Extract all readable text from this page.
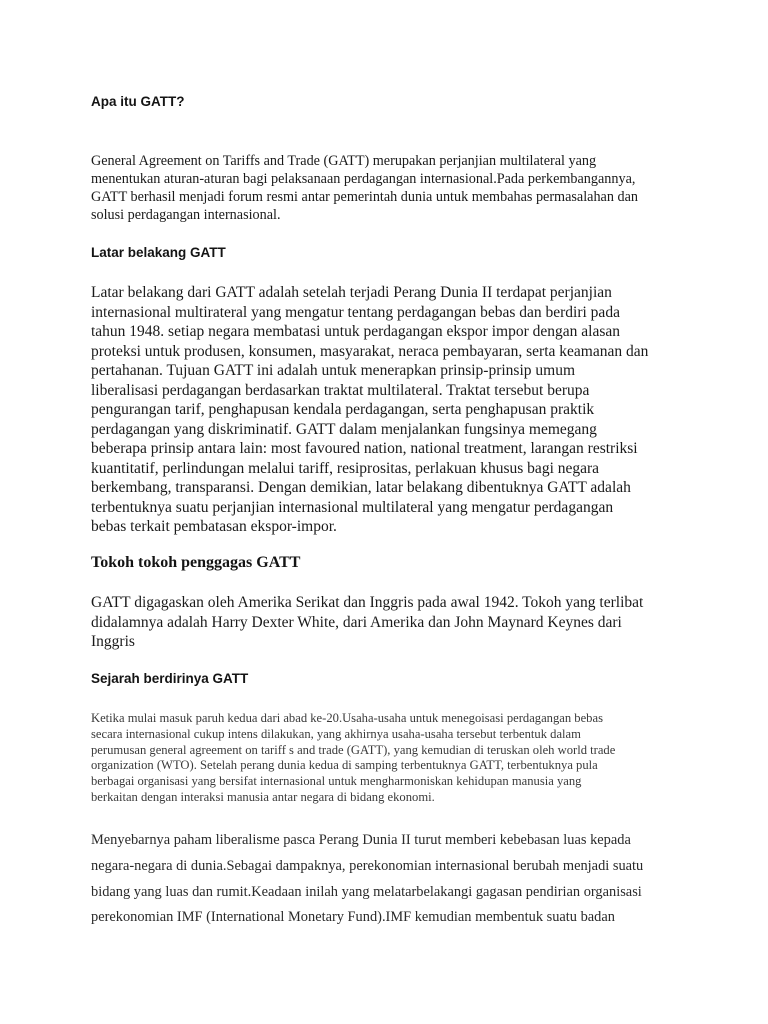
Apa itu GATT?
General Agreement on Tariffs and Trade (GATT) merupakan perjanjian multilateral yang
menentukan aturan-aturan bagi pelaksanaan perdagangan internasional.Pada perkembangannya,
GATT berhasil menjadi forum resmi antar pemerintah dunia untuk membahas permasalahan dan
solusi perdagangan internasional.
Latar belakang GATT
Latar belakang dari GATT adalah setelah terjadi Perang Dunia II terdapat perjanjian
internasional multirateral yang mengatur tentang perdagangan bebas dan berdiri pada
tahun 1948. setiap negara membatasi untuk perdagangan ekspor impor dengan alasan
proteksi untuk produsen, konsumen, masyarakat, neraca pembayaran, serta keamanan dan
pertahanan. Tujuan GATT ini adalah untuk menerapkan prinsip-prinsip umum
liberalisasi perdagangan berdasarkan traktat multilateral. Traktat tersebut berupa
pengurangan tarif, penghapusan kendala perdagangan, serta penghapusan praktik
perdagangan yang diskriminatif. GATT dalam menjalankan fungsinya memegang
beberapa prinsip antara lain: most favoured nation, national treatment, larangan restriksi
kuantitatif, perlindungan melalui tariff, resiprositas, perlakuan khusus bagi negara
berkembang, transparansi. Dengan demikian, latar belakang dibentuknya GATT adalah
terbentuknya suatu perjanjian internasional multilateral yang mengatur perdagangan
bebas terkait pembatasan ekspor-impor.
Tokoh tokoh penggagas GATT
GATT digagaskan oleh Amerika Serikat dan Inggris pada awal 1942. Tokoh yang terlibat
didalamnya adalah Harry Dexter White, dari Amerika dan John Maynard Keynes dari
Inggris
Sejarah berdirinya GATT
Ketika mulai masuk paruh kedua dari abad ke-20.Usaha-usaha untuk menegoisasi perdagangan bebas
secara internasional cukup intens dilakukan, yang akhirnya usaha-usaha tersebut terbentuk dalam
perumusan general agreement on tariff s and trade (GATT), yang kemudian di teruskan oleh world trade
organization (WTO). Setelah perang dunia kedua di samping terbentuknya GATT, terbentuknya pula
berbagai organisasi yang bersifat internasional untuk mengharmoniskan kehidupan manusia yang
berkaitan dengan interaksi manusia antar negara di bidang ekonomi.
Menyebarnya paham liberalisme pasca Perang Dunia II turut memberi kebebasan luas kepada
negara-negara di dunia.Sebagai dampaknya, perekonomian internasional berubah menjadi suatu
bidang yang luas dan rumit.Keadaan inilah yang melatarbelakangi gagasan pendirian organisasi
perekonomian IMF (International Monetary Fund).IMF kemudian membentuk suatu badan
